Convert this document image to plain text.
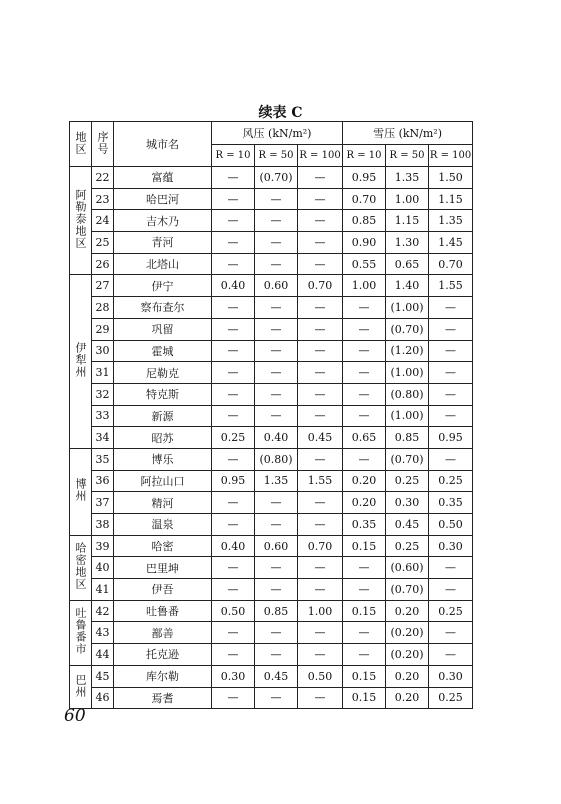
续表 C
地区	序号	城市名	风压 (kN/m²)			雪压 (kN/m²)		
			R = 10	R = 50	R = 100	R = 10	R = 50	R = 100
阿勒泰地区	22	富蕴	—	(0.70)	—	0.95	1.35	1.50
	23	哈巴河	—	—	—	0.70	1.00	1.15
	24	吉木乃	—	—	—	0.85	1.15	1.35
	25	青河	—	—	—	0.90	1.30	1.45
	26	北塔山	—	—	—	0.55	0.65	0.70
伊犁州	27	伊宁	0.40	0.60	0.70	1.00	1.40	1.55
	28	察布查尔	—	—	—	—	(1.00)	—
	29	巩留	—	—	—	—	(0.70)	—
	30	霍城	—	—	—	—	(1.20)	—
	31	尼勒克	—	—	—	—	(1.00)	—
	32	特克斯	—	—	—	—	(0.80)	—
	33	新源	—	—	—	—	(1.00)	—
	34	昭苏	0.25	0.40	0.45	0.65	0.85	0.95
博州	35	博乐	—	(0.80)	—	—	(0.70)	—
	36	阿拉山口	0.95	1.35	1.55	0.20	0.25	0.25
	37	精河	—	—	—	0.20	0.30	0.35
	38	温泉	—	—	—	0.35	0.45	0.50
哈密地区	39	哈密	0.40	0.60	0.70	0.15	0.25	0.30
	40	巴里坤	—	—	—	—	(0.60)	—
	41	伊吾	—	—	—	—	(0.70)	—
吐鲁番市	42	吐鲁番	0.50	0.85	1.00	0.15	0.20	0.25
	43	鄯善	—	—	—	—	(0.20)	—
	44	托克逊	—	—	—	—	(0.20)	—
巴州	45	库尔勒	0.30	0.45	0.50	0.15	0.20	0.30
	46	焉耆	—	—	—	0.15	0.20	0.25
60
